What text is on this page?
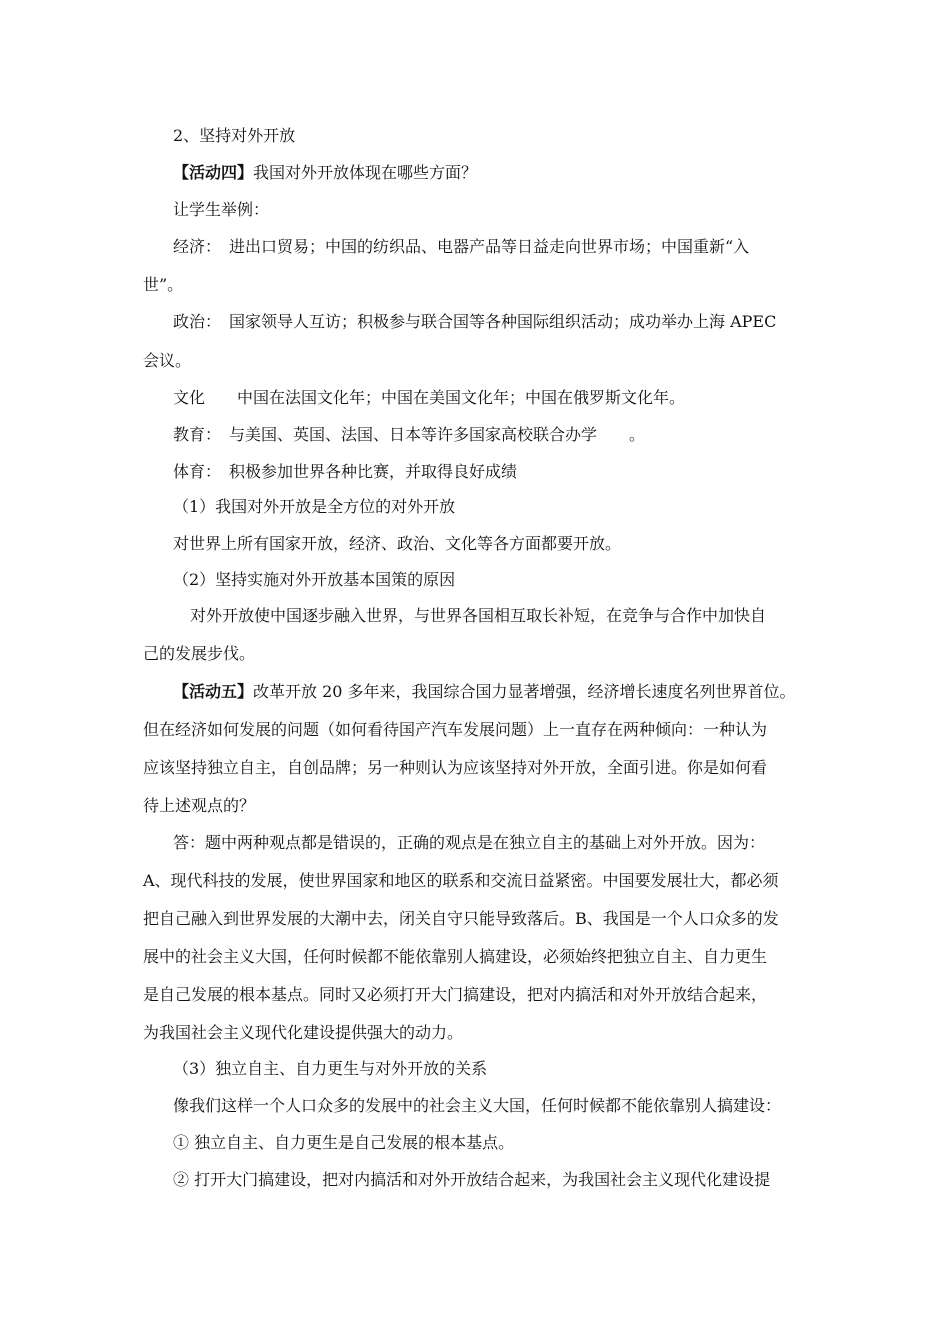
2、坚持对外开放
【活动四】我国对外开放体现在哪些方面？
让学生举例：
经济：　进出口贸易；中国的纺织品、电器产品等日益走向世界市场；中国重新“入
世”。
政治：　国家领导人互访；积极参与联合国等各种国际组织活动；成功举办上海 APEC
会议。
文化　　中国在法国文化年；中国在美国文化年；中国在俄罗斯文化年。
教育：　与美国、英国、法国、日本等许多国家高校联合办学　　。
体育：　积极参加世界各种比赛，并取得良好成绩
（1）我国对外开放是全方位的对外开放
对世界上所有国家开放，经济、政治、文化等各方面都要开放。
（2）坚持实施对外开放基本国策的原因
对外开放使中国逐步融入世界，与世界各国相互取长补短，在竞争与合作中加快自
己的发展步伐。
【活动五】改革开放 20 多年来，我国综合国力显著增强，经济增长速度名列世界首位。
但在经济如何发展的问题（如何看待国产汽车发展问题）上一直存在两种倾向：一种认为
应该坚持独立自主，自创品牌；另一种则认为应该坚持对外开放，全面引进。你是如何看
待上述观点的？
答：题中两种观点都是错误的，正确的观点是在独立自主的基础上对外开放。因为：
A、现代科技的发展，使世界国家和地区的联系和交流日益紧密。中国要发展壮大，都必须
把自己融入到世界发展的大潮中去，闭关自守只能导致落后。B、我国是一个人口众多的发
展中的社会主义大国，任何时候都不能依靠别人搞建设，必须始终把独立自主、自力更生
是自己发展的根本基点。同时又必须打开大门搞建设，把对内搞活和对外开放结合起来，
为我国社会主义现代化建设提供强大的动力。
（3）独立自主、自力更生与对外开放的关系
像我们这样一个人口众多的发展中的社会主义大国，任何时候都不能依靠别人搞建设：
① 独立自主、自力更生是自己发展的根本基点。
② 打开大门搞建设，把对内搞活和对外开放结合起来，为我国社会主义现代化建设提
